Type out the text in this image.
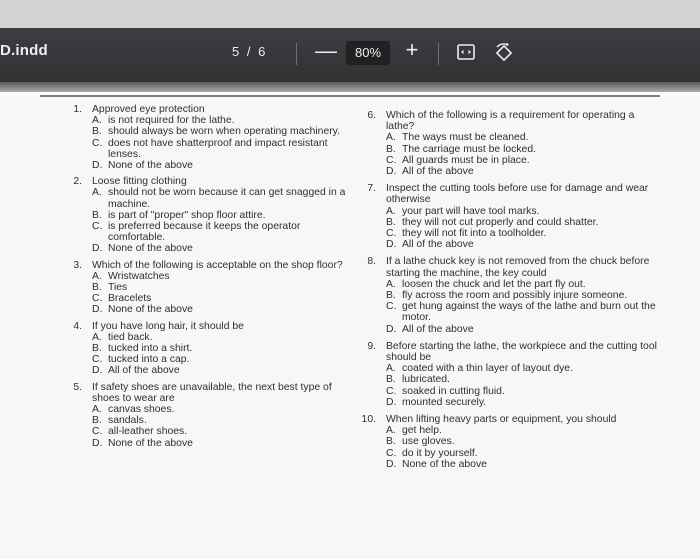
D.indd	5 / 6 —	80%	+
1. Approved eye protection
A. is not required for the lathe.
B. should always be worn when operating machinery.
C. does not have shatterproof and impact resistant lenses.
D. None of the above
2. Loose fitting clothing
A. should not be worn because it can get snagged in a machine.
B. is part of "proper" shop floor attire.
C. is preferred because it keeps the operator comfortable.
D. None of the above
3. Which of the following is acceptable on the shop floor?
A. Wristwatches
B. Ties
C. Bracelets
D. None of the above
4. If you have long hair, it should be
A. tied back.
B. tucked into a shirt.
C. tucked into a cap.
D. All of the above
5. If safety shoes are unavailable, the next best type of shoes to wear are
A. canvas shoes.
B. sandals.
C. all-leather shoes.
D. None of the above
6. Which of the following is a requirement for operating a lathe?
A. The ways must be cleaned.
B. The carriage must be locked.
C. All guards must be in place.
D. All of the above
7. Inspect the cutting tools before use for damage and wear otherwise
A. your part will have tool marks.
B. they will not cut properly and could shatter.
C. they will not fit into a toolholder.
D. All of the above
8. If a lathe chuck key is not removed from the chuck before starting the machine, the key could
A. loosen the chuck and let the part fly out.
B. fly across the room and possibly injure someone.
C. get hung against the ways of the lathe and burn out the motor.
D. All of the above
9. Before starting the lathe, the workpiece and the cutting tool should be
A. coated with a thin layer of layout dye.
B. lubricated.
C. soaked in cutting fluid.
D. mounted securely.
10. When lifting heavy parts or equipment, you should
A. get help.
B. use gloves.
C. do it by yourself.
D. None of the above
